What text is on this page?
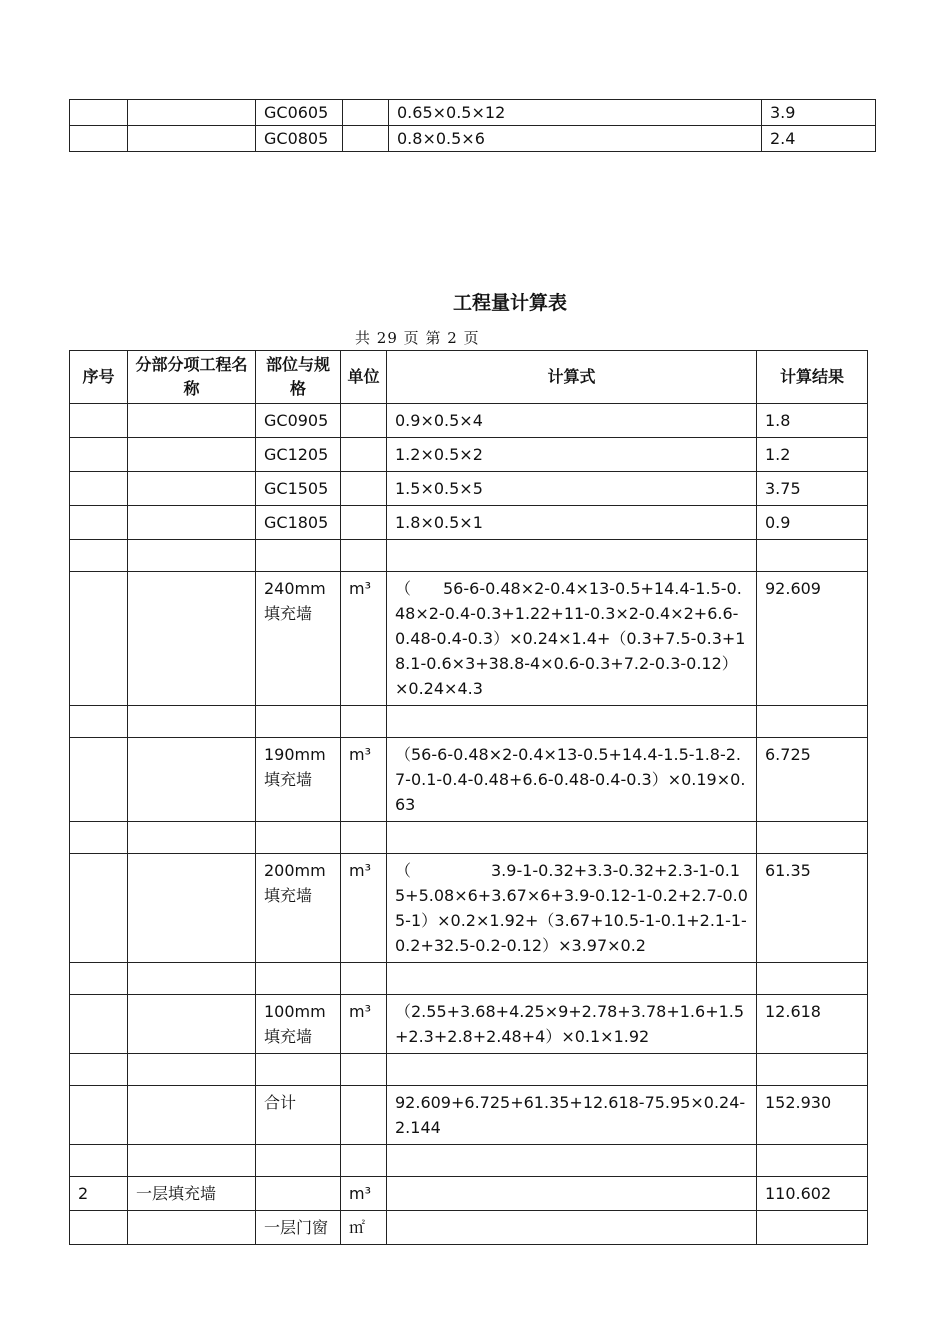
		GC0605		0.65×0.5×12	3.9
		GC0805		0.8×0.5×6	2.4
工程量计算表
共 29 页 第 2 页
序号	分部分项工程名称	部位与规格	单位	计算式	计算结果
		GC0905		0.9×0.5×4	1.8
		GC1205		1.2×0.5×2	1.2
		GC1505		1.5×0.5×5	3.75
		GC1805		1.8×0.5×1	0.9

		240mm填充墙	m³	（　　56-6-0.48×2-0.4×13-0.5+14.4-1.5-0.48×2-0.4-0.3+1.22+11-0.3×2-0.4×2+6.6-0.48-0.4-0.3）×0.24×1.4+（0.3+7.5-0.3+18.1-0.6×3+38.8-4×0.6-0.3+7.2-0.3-0.12）×0.24×4.3	92.609

		190mm填充墙	m³	（56-6-0.48×2-0.4×13-0.5+14.4-1.5-1.8-2.7-0.1-0.4-0.48+6.6-0.48-0.4-0.3）×0.19×0.63	6.725

		200mm填充墙	m³	（　　　　　3.9-1-0.32+3.3-0.32+2.3-1-0.15+5.08×6+3.67×6+3.9-0.12-1-0.2+2.7-0.05-1）×0.2×1.92+（3.67+10.5-1-0.1+2.1-1-0.2+32.5-0.2-0.12）×3.97×0.2	61.35

		100mm填充墙	m³	（2.55+3.68+4.25×9+2.78+3.78+1.6+1.5+2.3+2.8+2.48+4）×0.1×1.92	12.618

		合计		92.609+6.725+61.35+12.618-75.95×0.24-2.144	152.930

2	一层填充墙		m³		110.602
		一层门窗	㎡		
